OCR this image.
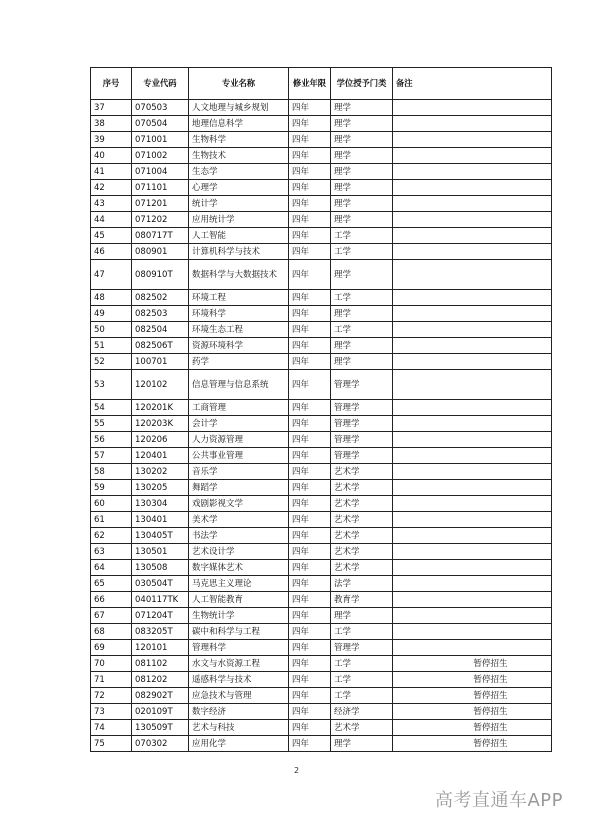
序号	专业代码	专业名称	修业年限	学位授予门类	备注
37	070503	人文地理与城乡规划	四年	理学	
38	070504	地理信息科学	四年	理学	
39	071001	生物科学	四年	理学	
40	071002	生物技术	四年	理学	
41	071004	生态学	四年	理学	
42	071101	心理学	四年	理学	
43	071201	统计学	四年	理学	
44	071202	应用统计学	四年	理学	
45	080717T	人工智能	四年	工学	
46	080901	计算机科学与技术	四年	工学	
47	080910T	数据科学与大数据技术	四年	理学	
48	082502	环境工程	四年	工学	
49	082503	环境科学	四年	理学	
50	082504	环境生态工程	四年	工学	
51	082506T	资源环境科学	四年	理学	
52	100701	药学	四年	理学	
53	120102	信息管理与信息系统	四年	管理学	
54	120201K	工商管理	四年	管理学	
55	120203K	会计学	四年	管理学	
56	120206	人力资源管理	四年	管理学	
57	120401	公共事业管理	四年	管理学	
58	130202	音乐学	四年	艺术学	
59	130205	舞蹈学	四年	艺术学	
60	130304	戏剧影视文学	四年	艺术学	
61	130401	美术学	四年	艺术学	
62	130405T	书法学	四年	艺术学	
63	130501	艺术设计学	四年	艺术学	
64	130508	数字媒体艺术	四年	艺术学	
65	030504T	马克思主义理论	四年	法学	
66	040117TK	人工智能教育	四年	教育学	
67	071204T	生物统计学	四年	理学	
68	083205T	碳中和科学与工程	四年	工学	
69	120101	管理科学	四年	管理学	
70	081102	水文与水资源工程	四年	工学	暂停招生
71	081202	遥感科学与技术	四年	工学	暂停招生
72	082902T	应急技术与管理	四年	工学	暂停招生
73	020109T	数字经济	四年	经济学	暂停招生
74	130509T	艺术与科技	四年	艺术学	暂停招生
75	070302	应用化学	四年	理学	暂停招生
2
高考直通车APP
